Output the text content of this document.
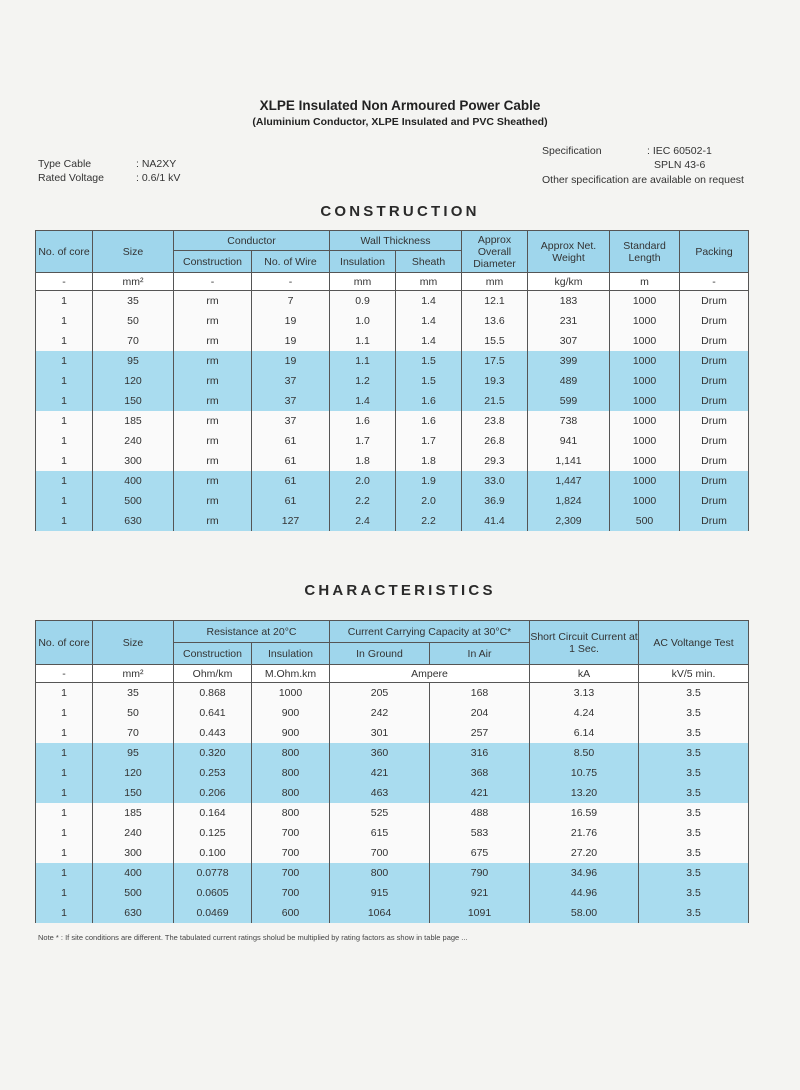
XLPE Insulated Non Armoured Power Cable
(Aluminium Conductor, XLPE Insulated and PVC Sheathed)
Type Cable	: NA2XY
Rated Voltage	: 0.6/1 kV
Specification	: IEC 60502-1
SPLN 43-6
Other specification are available on request
CONSTRUCTION
No. of core	Size	Conductor		Wall Thickness		Approx Overall Diameter	Approx Net. Weight	Standard Length	Packing
		Construction	No. of Wire	Insulation	Sheath				
-	mm²	-	-	mm	mm	mm	kg/km	m	-
1	35	rm	7	0.9	1.4	12.1	183	1000	Drum
1	50	rm	19	1.0	1.4	13.6	231	1000	Drum
1	70	rm	19	1.1	1.4	15.5	307	1000	Drum
1	95	rm	19	1.1	1.5	17.5	399	1000	Drum
1	120	rm	37	1.2	1.5	19.3	489	1000	Drum
1	150	rm	37	1.4	1.6	21.5	599	1000	Drum
1	185	rm	37	1.6	1.6	23.8	738	1000	Drum
1	240	rm	61	1.7	1.7	26.8	941	1000	Drum
1	300	rm	61	1.8	1.8	29.3	1,141	1000	Drum
1	400	rm	61	2.0	1.9	33.0	1,447	1000	Drum
1	500	rm	61	2.2	2.0	36.9	1,824	1000	Drum
1	630	rm	127	2.4	2.2	41.4	2,309	500	Drum
CHARACTERISTICS
No. of core	Size	Resistance at 20°C		Current Carrying Capacity at 30°C*		Short Circuit Current at 1 Sec.	AC Voltange Test
		Construction	Insulation	In Ground	In Air		
-	mm²	Ohm/km	M.Ohm.km	Ampere		kA	kV/5 min.
1	35	0.868	1000	205	168	3.13	3.5
1	50	0.641	900	242	204	4.24	3.5
1	70	0.443	900	301	257	6.14	3.5
1	95	0.320	800	360	316	8.50	3.5
1	120	0.253	800	421	368	10.75	3.5
1	150	0.206	800	463	421	13.20	3.5
1	185	0.164	800	525	488	16.59	3.5
1	240	0.125	700	615	583	21.76	3.5
1	300	0.100	700	700	675	27.20	3.5
1	400	0.0778	700	800	790	34.96	3.5
1	500	0.0605	700	915	921	44.96	3.5
1	630	0.0469	600	1064	1091	58.00	3.5
Note * : If site conditions are different. The tabulated current ratings sholud be multiplied by rating factors as show in table page ...
